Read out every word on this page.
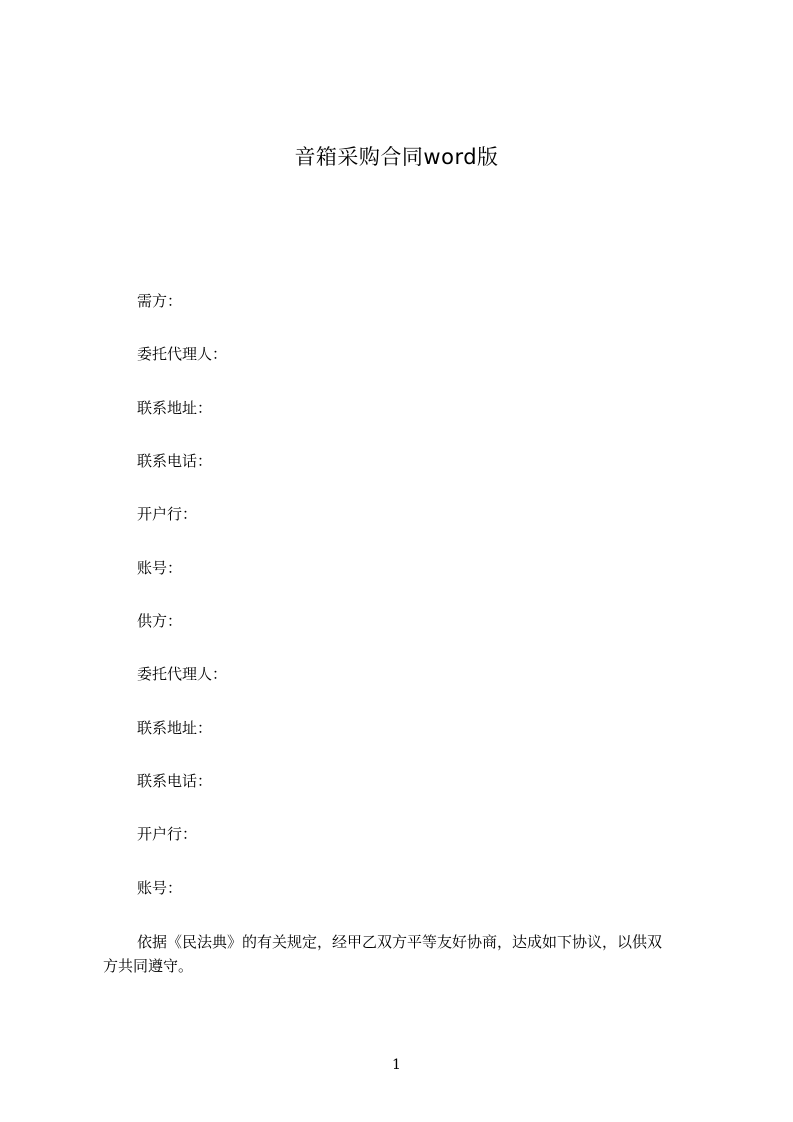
音箱采购合同word版
需方：
委托代理人：
联系地址：
联系电话：
开户行：
账号：
供方：
委托代理人：
联系地址：
联系电话：
开户行：
账号：

依据《民法典》的有关规定，经甲乙双方平等友好协商，达成如下协议，以供双
方共同遵守。

1
